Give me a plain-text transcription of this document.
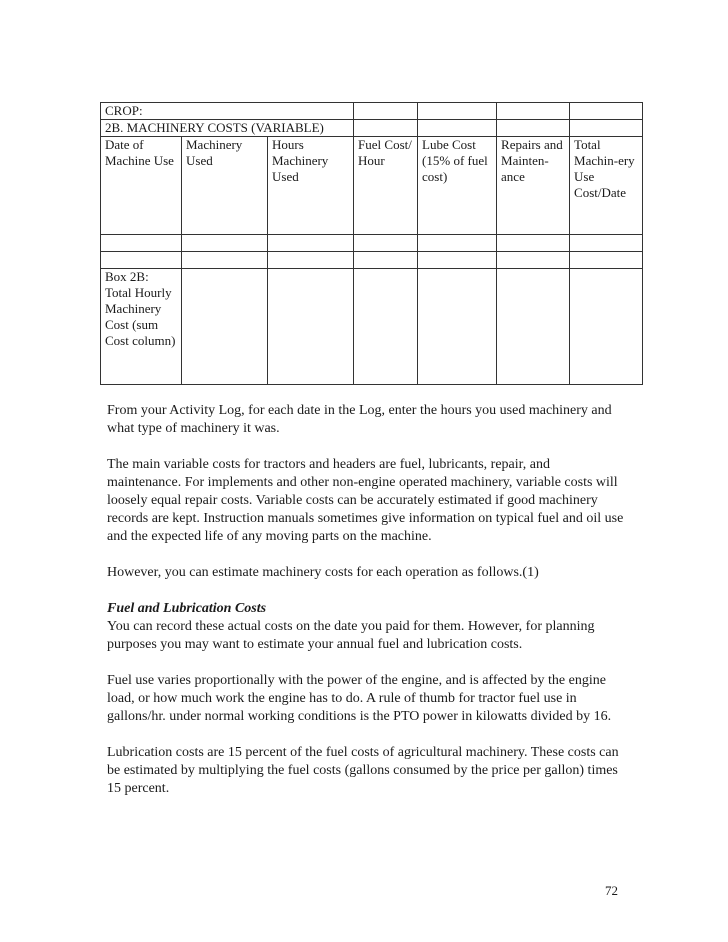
CROP:						
2B. MACHINERY COSTS (VARIABLE)						
Date of Machine Use	Machinery Used	Hours Machinery Used	Fuel Cost/ Hour	Lube Cost (15% of fuel cost)	Repairs and Mainten-ance	Total Machin-ery Use Cost/Date

Box 2B: Total Hourly Machinery Cost (sum Cost column)						

From your Activity Log, for each date in the Log, enter the hours you used machinery and what type of machinery it was.

The main variable costs for tractors and headers are fuel, lubricants, repair, and maintenance. For implements and other non-engine operated machinery, variable costs will loosely equal repair costs. Variable costs can be accurately estimated if good machinery records are kept. Instruction manuals sometimes give information on typical fuel and oil use and the expected life of any moving parts on the machine.

However, you can estimate machinery costs for each operation as follows.(1)

Fuel and Lubrication Costs

You can record these actual costs on the date you paid for them. However, for planning purposes you may want to estimate your annual fuel and lubrication costs.

Fuel use varies proportionally with the power of the engine, and is affected by the engine load, or how much work the engine has to do. A rule of thumb for tractor fuel use in gallons/hr. under normal working conditions is the PTO power in kilowatts divided by 16.

Lubrication costs are 15 percent of the fuel costs of agricultural machinery. These costs can be estimated by multiplying the fuel costs (gallons consumed by the price per gallon) times 15 percent.

72
